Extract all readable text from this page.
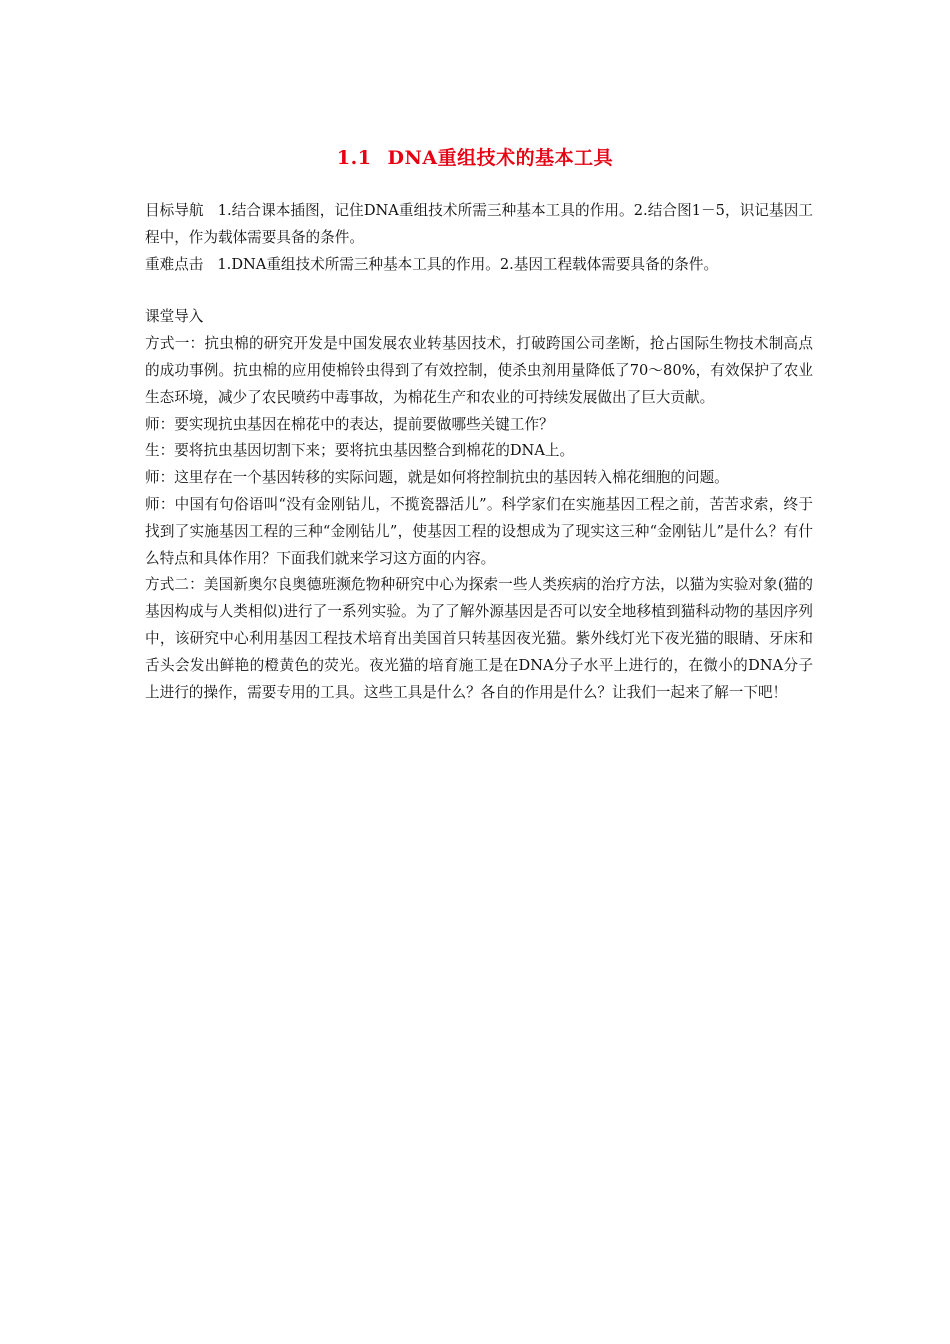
1.1 DNA重组技术的基本工具

目标导航 1.结合课本插图，记住DNA重组技术所需三种基本工具的作用。2.结合图1－5，识记基因工程中，作为载体需要具备的条件。

重难点击 1.DNA重组技术所需三种基本工具的作用。2.基因工程载体需要具备的条件。

课堂导入

方式一：抗虫棉的研究开发是中国发展农业转基因技术，打破跨国公司垄断，抢占国际生物技术制高点的成功事例。抗虫棉的应用使棉铃虫得到了有效控制，使杀虫剂用量降低了70～80%，有效保护了农业生态环境，减少了农民喷药中毒事故，为棉花生产和农业的可持续发展做出了巨大贡献。

师：要实现抗虫基因在棉花中的表达，提前要做哪些关键工作？

生：要将抗虫基因切割下来；要将抗虫基因整合到棉花的DNA上。

师：这里存在一个基因转移的实际问题，就是如何将控制抗虫的基因转入棉花细胞的问题。

师：中国有句俗语叫“没有金刚钻儿，不揽瓷器活儿”。科学家们在实施基因工程之前，苦苦求索，终于找到了实施基因工程的三种“金刚钻儿”，使基因工程的设想成为了现实这三种“金刚钻儿”是什么？有什么特点和具体作用？下面我们就来学习这方面的内容。

方式二：美国新奥尔良奥德班濒危物种研究中心为探索一些人类疾病的治疗方法，以猫为实验对象(猫的基因构成与人类相似)进行了一系列实验。为了了解外源基因是否可以安全地移植到猫科动物的基因序列中，该研究中心利用基因工程技术培育出美国首只转基因夜光猫。紫外线灯光下夜光猫的眼睛、牙床和舌头会发出鲜艳的橙黄色的荧光。夜光猫的培育施工是在DNA分子水平上进行的，在微小的DNA分子上进行的操作，需要专用的工具。这些工具是什么？各自的作用是什么？让我们一起来了解一下吧！
